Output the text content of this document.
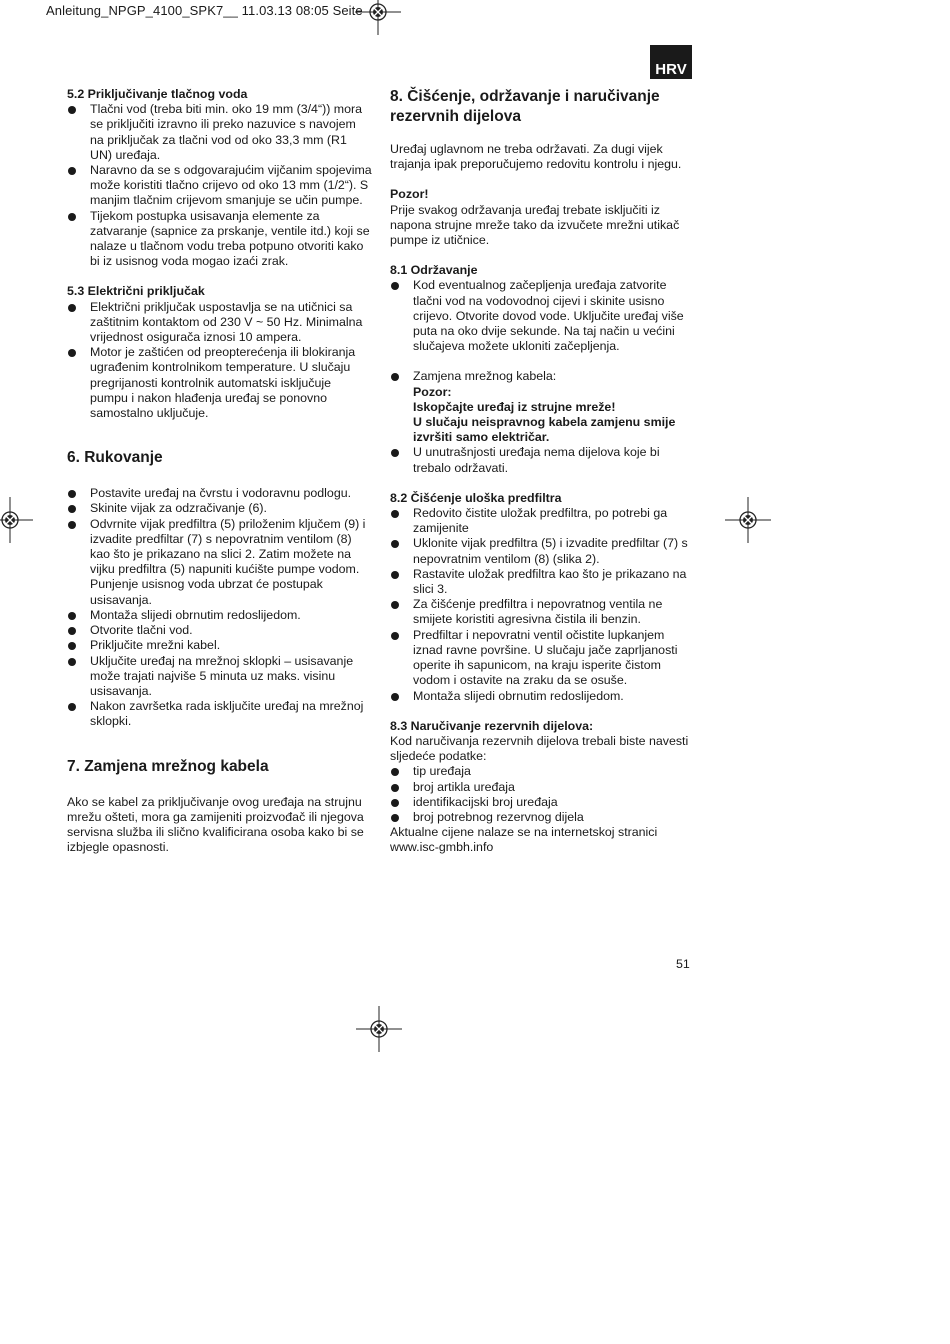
Anleitung_NPGP_4100_SPK7__ 11.03.13 08:05 Seite
HRV

5.2 Priključivanje tlačnog voda

Tlačni vod (treba biti min. oko 19 mm (3/4“)) mora se priključiti izravno ili preko nazuvice s navojem na priključak za tlačni vod od oko 33,3 mm (R1 UN) uređaja.
Naravno da se s odgovarajućim vijčanim spojevima može koristiti tlačno crijevo od oko 13 mm (1/2“). S manjim tlačnim crijevom smanjuje se učin pumpe.
Tijekom postupka usisavanja elemente za zatvaranje (sapnice za prskanje, ventile itd.) koji se nalaze u tlačnom vodu treba potpuno otvoriti kako bi iz usisnog voda mogao izaći zrak.

5.3 Električni priključak

Električni priključak uspostavlja se na utičnici sa zaštitnim kontaktom od 230 V ~ 50 Hz. Minimalna vrijednost osigurača iznosi 10 ampera.
Motor je zaštićen od preopterećenja ili blokiranja ugrađenim kontrolnikom temperature. U slučaju pregrijanosti kontrolnik automatski isključuje pumpu i nakon hlađenja uređaj se ponovno samostalno uključuje.
6. Rukovanje
Postavite uređaj na čvrstu i vodoravnu podlogu.
Skinite vijak za odzračivanje (6).
Odvrnite vijak predfiltra (5) priloženim ključem (9) i izvadite predfiltar (7) s nepovratnim ventilom (8) kao što je prikazano na slici 2. Zatim možete na vijku predfiltra (5) napuniti kućište pumpe vodom. Punjenje usisnog voda ubrzat će postupak usisavanja.
Montaža slijedi obrnutim redoslijedom.
Otvorite tlačni vod.
Priključite mrežni kabel.
Uključite uređaj na mrežnoj sklopki – usisavanje može trajati najviše 5 minuta uz maks. visinu usisavanja.
Nakon završetka rada isključite uređaj na mrežnoj sklopki.
7. Zamjena mrežnog kabela

Ako se kabel za priključivanje ovog uređaja na strujnu mrežu ošteti, mora ga zamijeniti proizvođač ili njegova servisna služba ili slično kvalificirana osoba kako bi se izbjegle opasnosti.

8. Čišćenje, održavanje i naručivanje rezervnih dijelova

Uređaj uglavnom ne treba održavati. Za dugi vijek trajanja ipak preporučujemo redovitu kontrolu i njegu.

Pozor!

Prije svakog održavanja uređaj trebate isključiti iz napona strujne mreže tako da izvučete mrežni utikač pumpe iz utičnice.

8.1 Održavanje

Kod eventualnog začepljenja uređaja zatvorite tlačni vod na vodovodnoj cijevi i skinite usisno crijevo. Otvorite dovod vode. Uključite uređaj više puta na oko dvije sekunde. Na taj način u većini slučajeva možete ukloniti začepljenja.
Zamjena mrežnog kabela:
Pozor:
Iskopčajte uređaj iz strujne mreže!
U slučaju neispravnog kabela zamjenu smije izvršiti samo električar.
U unutrašnjosti uređaja nema dijelova koje bi trebalo održavati.

8.2 Čišćenje uloška predfiltra

Redovito čistite uložak predfiltra, po potrebi ga zamijenite
Uklonite vijak predfiltra (5) i izvadite predfiltar (7) s nepovratnim ventilom (8) (slika 2).
Rastavite uložak predfiltra kao što je prikazano na slici 3.
Za čišćenje predfiltra i nepovratnog ventila ne smijete koristiti agresivna čistila ili benzin.
Predfiltar i nepovratni ventil očistite lupkanjem iznad ravne površine. U slučaju jače zaprljanosti operite ih sapunicom, na kraju isperite čistom vodom i ostavite na zraku da se osuše.
Montaža slijedi obrnutim redoslijedom.

8.3 Naručivanje rezervnih dijelova:

Kod naručivanja rezervnih dijelova trebali biste navesti sljedeće podatke:

tip uređaja
broj artikla uređaja
identifikacijski broj uređaja
broj potrebnog rezervnog dijela

Aktualne cijene nalaze se na internetskoj stranici

www.isc-gmbh.info

51
